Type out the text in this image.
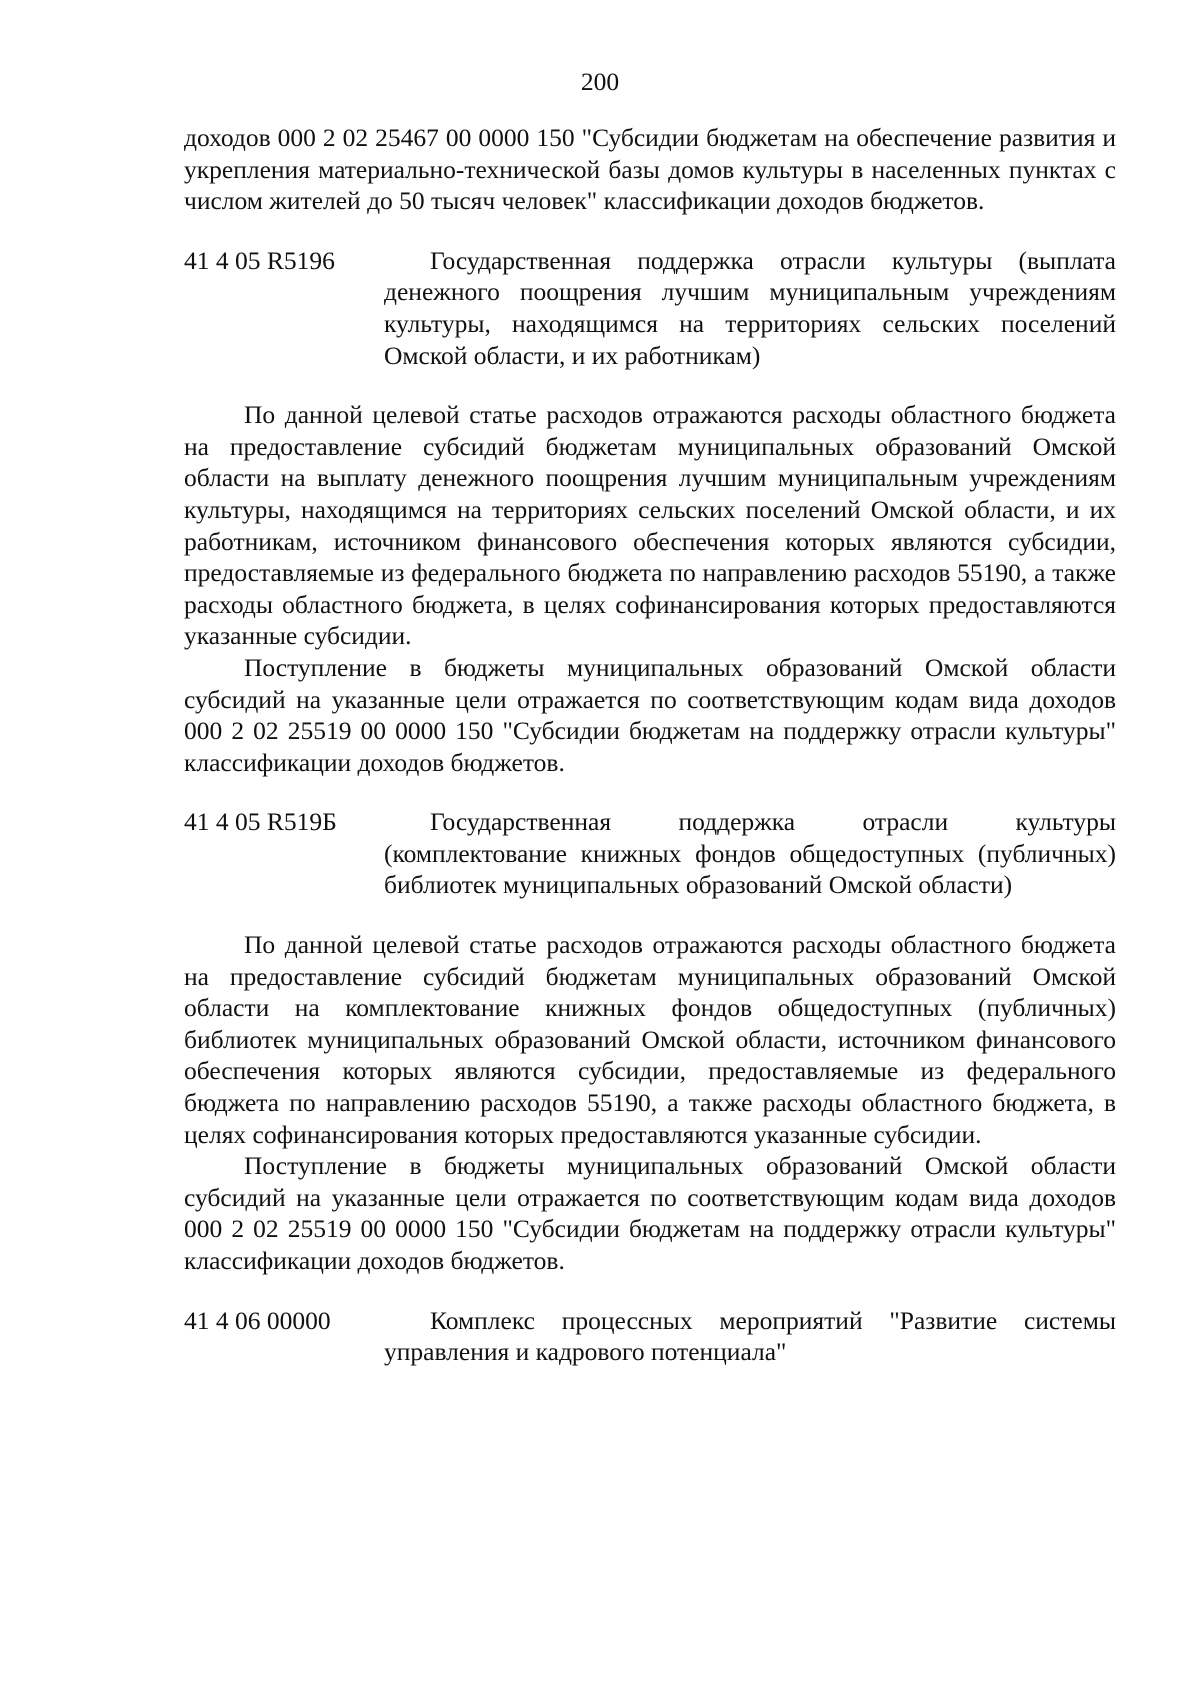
200

доходов 000 2 02 25467 00 0000 150 "Субсидии бюджетам на обеспечение развития и укрепления материально-технической базы домов культуры в населенных пунктах с числом жителей до 50 тысяч человек" классификации доходов бюджетов.

41 4 05 R5196	Государственная поддержка отрасли культуры (выплата денежного поощрения лучшим муниципальным учреждениям культуры, находящимся на территориях сельских поселений Омской области, и их работникам)

По данной целевой статье расходов отражаются расходы областного бюджета на предоставление субсидий бюджетам муниципальных образований Омской области на выплату денежного поощрения лучшим муниципальным учреждениям культуры, находящимся на территориях сельских поселений Омской области, и их работникам, источником финансового обеспечения которых являются субсидии, предоставляемые из федерального бюджета по направлению расходов 55190, а также расходы областного бюджета, в целях софинансирования которых предоставляются указанные субсидии.

Поступление в бюджеты муниципальных образований Омской области субсидий на указанные цели отражается по соответствующим кодам вида доходов 000 2 02 25519 00 0000 150 "Субсидии бюджетам на поддержку отрасли культуры" классификации доходов бюджетов.

41 4 05 R519Б	Государственная поддержка отрасли культуры (комплектование книжных фондов общедоступных (публичных) библиотек муниципальных образований Омской области)

По данной целевой статье расходов отражаются расходы областного бюджета на предоставление субсидий бюджетам муниципальных образований Омской области на комплектование книжных фондов общедоступных (публичных) библиотек муниципальных образований Омской области, источником финансового обеспечения которых являются субсидии, предоставляемые из федерального бюджета по направлению расходов 55190, а также расходы областного бюджета, в целях софинансирования которых предоставляются указанные субсидии.

Поступление в бюджеты муниципальных образований Омской области субсидий на указанные цели отражается по соответствующим кодам вида доходов 000 2 02 25519 00 0000 150 "Субсидии бюджетам на поддержку отрасли культуры" классификации доходов бюджетов.

41 4 06 00000	Комплекс процессных мероприятий "Развитие системы управления и кадрового потенциала"
